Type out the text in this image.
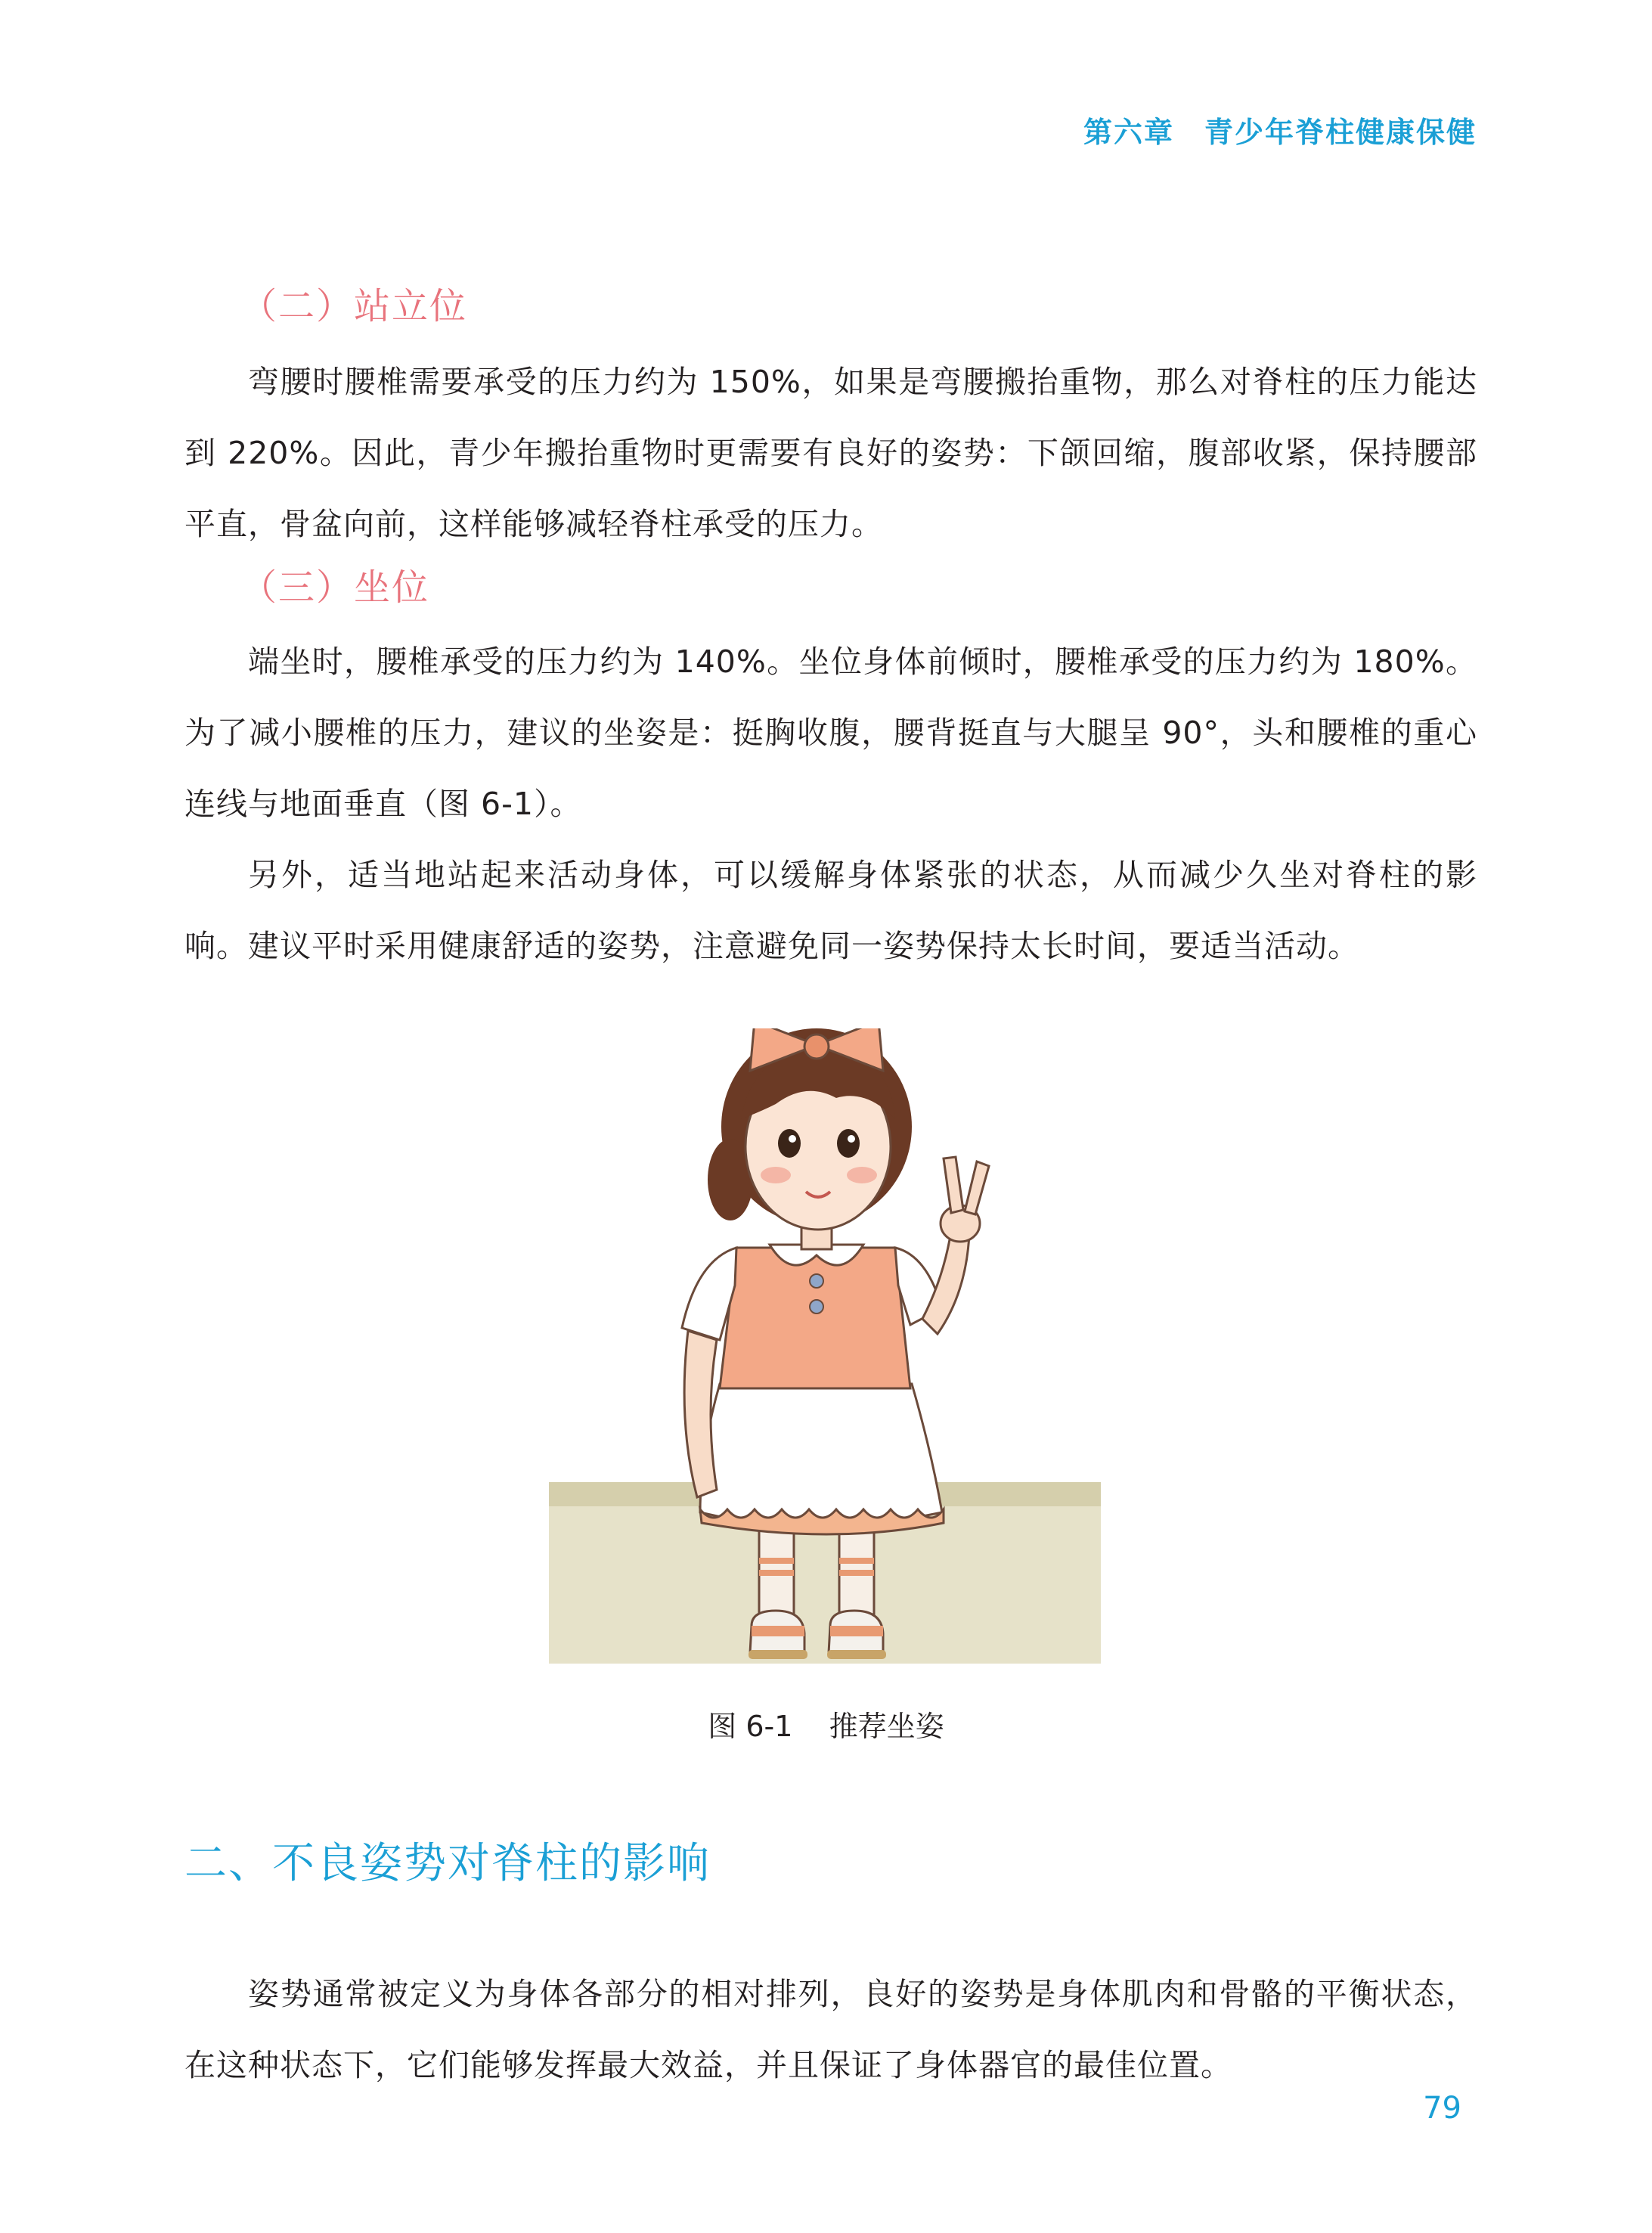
第六章　青少年脊柱健康保健
（二）站立位
弯腰时腰椎需要承受的压力约为 150%，如果是弯腰搬抬重物，那么对脊柱的压力能达到 220%。因此，青少年搬抬重物时更需要有良好的姿势：下颌回缩，腹部收紧，保持腰部平直，骨盆向前，这样能够减轻脊柱承受的压力。
（三）坐位
端坐时，腰椎承受的压力约为 140%。坐位身体前倾时，腰椎承受的压力约为 180%。为了减小腰椎的压力，建议的坐姿是：挺胸收腹，腰背挺直与大腿呈 90°，头和腰椎的重心连线与地面垂直（图 6-1）。
另外，适当地站起来活动身体，可以缓解身体紧张的状态，从而减少久坐对脊柱的影响。建议平时采用健康舒适的姿势，注意避免同一姿势保持太长时间，要适当活动。
图 6-1 推荐坐姿
二、不良姿势对脊柱的影响
姿势通常被定义为身体各部分的相对排列，良好的姿势是身体肌肉和骨骼的平衡状态，在这种状态下，它们能够发挥最大效益，并且保证了身体器官的最佳位置。
79
